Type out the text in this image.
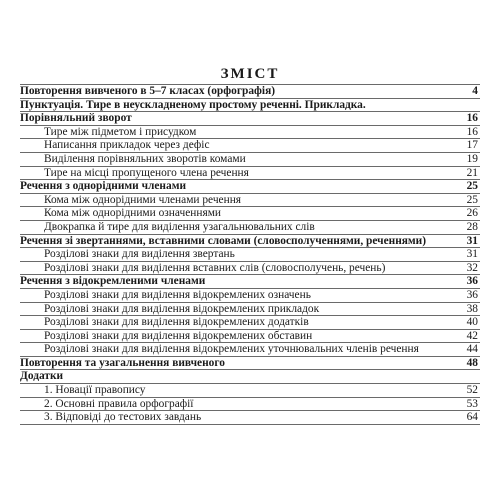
ЗМІСТ
Повторення вивченого в 5–7 класах (орфографія)	4
Пунктуація. Тире в неускладненому простому реченні. Прикладка.
Порівняльний зворот	16
Тире між підметом і присудком	16
Написання прикладок через дефіс	17
Виділення порівняльних зворотів комами	19
Тире на місці пропущеного члена речення	21
Речення з однорідними членами	25
Кома між однорідними членами речення	25
Кома між однорідними означеннями	26
Двокрапка й тире для виділення узагальнювальних слів	28
Речення зі звертаннями, вставними словами (словосполученнями, реченнями)	31
Розділові знаки для виділення звертань	31
Розділові знаки для виділення вставних слів (словосполучень, речень)	32
Речення з відокремленими членами	36
Розділові знаки для виділення відокремлених означень	36
Розділові знаки для виділення відокремлених прикладок	38
Розділові знаки для виділення відокремлених додатків	40
Розділові знаки для виділення відокремлених обставин	42
Розділові знаки для виділення відокремлених уточнювальних членів речення	44
Повторення та узагальнення вивченого	48
Додатки
1. Новації правопису	52
2. Основні правила орфографії	53
3. Відповіді до тестових завдань	64
